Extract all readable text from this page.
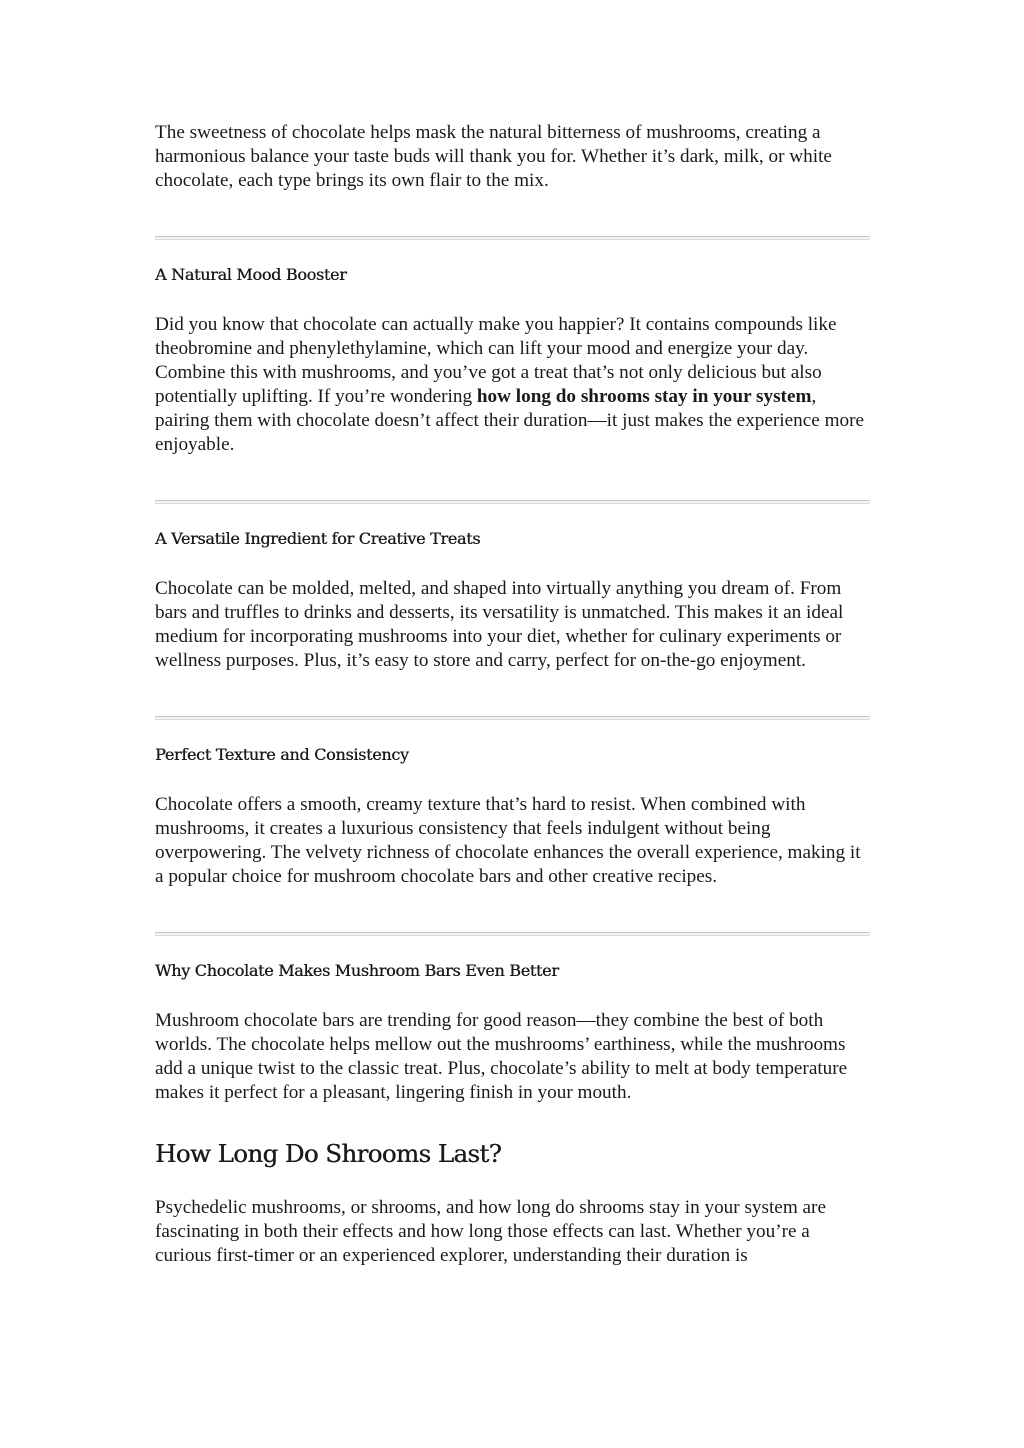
The sweetness of chocolate helps mask the natural bitterness of mushrooms, creating a harmonious balance your taste buds will thank you for. Whether it’s dark, milk, or white chocolate, each type brings its own flair to the mix.

A Natural Mood Booster

Did you know that chocolate can actually make you happier? It contains compounds like theobromine and phenylethylamine, which can lift your mood and energize your day. Combine this with mushrooms, and you’ve got a treat that’s not only delicious but also potentially uplifting. If you’re wondering how long do shrooms stay in your system, pairing them with chocolate doesn’t affect their duration—it just makes the experience more enjoyable.

A Versatile Ingredient for Creative Treats

Chocolate can be molded, melted, and shaped into virtually anything you dream of. From bars and truffles to drinks and desserts, its versatility is unmatched. This makes it an ideal medium for incorporating mushrooms into your diet, whether for culinary experiments or wellness purposes. Plus, it’s easy to store and carry, perfect for on-the-go enjoyment.

Perfect Texture and Consistency

Chocolate offers a smooth, creamy texture that’s hard to resist. When combined with mushrooms, it creates a luxurious consistency that feels indulgent without being overpowering. The velvety richness of chocolate enhances the overall experience, making it a popular choice for mushroom chocolate bars and other creative recipes.

Why Chocolate Makes Mushroom Bars Even Better

Mushroom chocolate bars are trending for good reason—they combine the best of both worlds. The chocolate helps mellow out the mushrooms’ earthiness, while the mushrooms add a unique twist to the classic treat. Plus, chocolate’s ability to melt at body temperature makes it perfect for a pleasant, lingering finish in your mouth.

How Long Do Shrooms Last?

Psychedelic mushrooms, or shrooms, and how long do shrooms stay in your system are fascinating in both their effects and how long those effects can last. Whether you’re a curious first-timer or an experienced explorer, understanding their duration is
